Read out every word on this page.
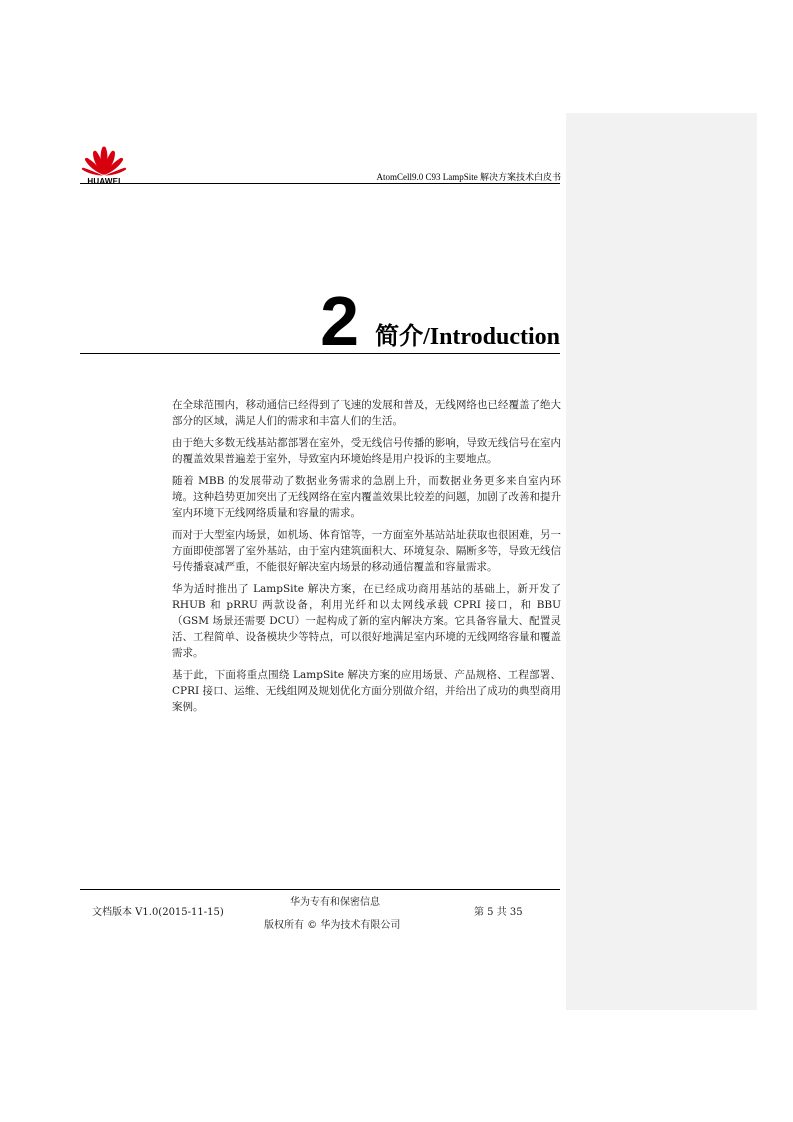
HUAWEI	AtomCell9.0 C93 LampSite 解决方案技术白皮书
2 简介/Introduction

在全球范围内，移动通信已经得到了飞速的发展和普及，无线网络也已经覆盖了绝大部分的区域，满足人们的需求和丰富人们的生活。

由于绝大多数无线基站都部署在室外，受无线信号传播的影响，导致无线信号在室内的覆盖效果普遍差于室外，导致室内环境始终是用户投诉的主要地点。

随着 MBB 的发展带动了数据业务需求的急剧上升，而数据业务更多来自室内环境。这种趋势更加突出了无线网络在室内覆盖效果比较差的问题，加剧了改善和提升室内环境下无线网络质量和容量的需求。

而对于大型室内场景，如机场、体育馆等，一方面室外基站站址获取也很困难，另一方面即使部署了室外基站，由于室内建筑面积大、环境复杂、隔断多等，导致无线信号传播衰减严重，不能很好解决室内场景的移动通信覆盖和容量需求。

华为适时推出了 LampSite 解决方案，在已经成功商用基站的基础上，新开发了 RHUB 和 pRRU 两款设备，利用光纤和以太网线承载 CPRI 接口，和 BBU（GSM 场景还需要 DCU）一起构成了新的室内解决方案。它具备容量大、配置灵活、工程简单、设备模块少等特点，可以很好地满足室内环境的无线网络容量和覆盖需求。

基于此，下面将重点围绕 LampSite 解决方案的应用场景、产品规格、工程部署、CPRI 接口、运维、无线组网及规划优化方面分别做介绍，并给出了成功的典型商用案例。

华为专有和保密信息
文档版本 V1.0(2015-11-15)	第 5 共 35
版权所有 © 华为技术有限公司
